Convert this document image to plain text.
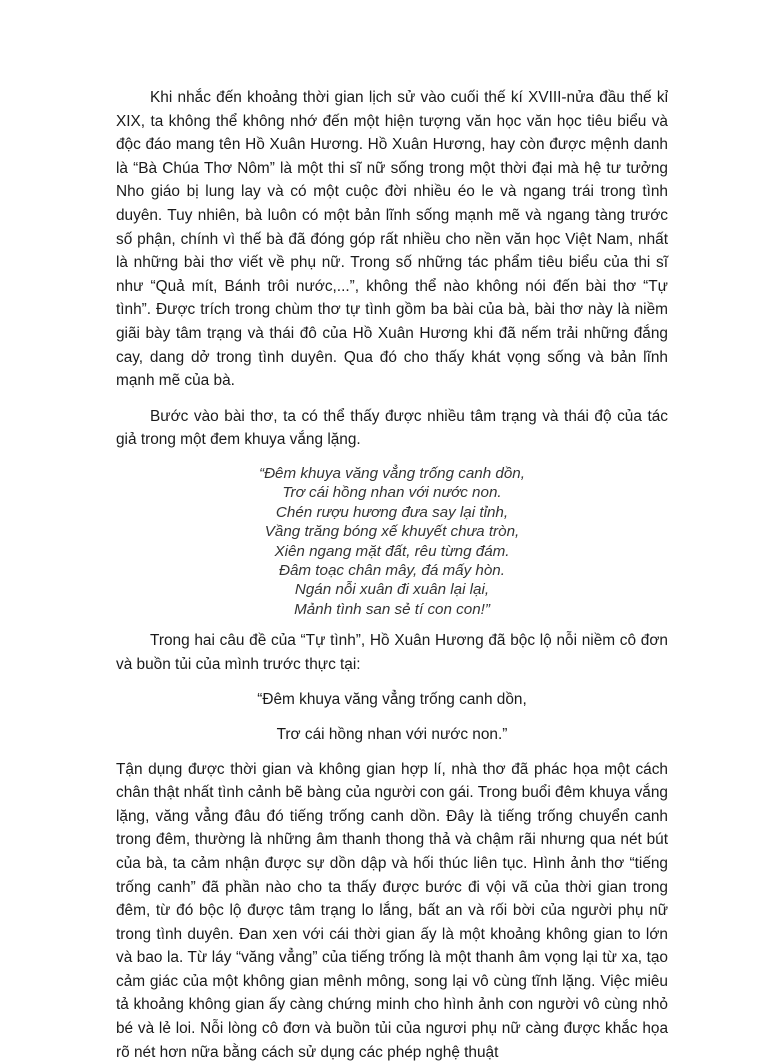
Khi nhắc đến khoảng thời gian lịch sử vào cuối thế kí XVIII-nửa đầu thế kỉ XIX, ta không thể không nhớ đến một hiện tượng văn học văn học tiêu biểu và độc đáo mang tên Hồ Xuân Hương. Hồ Xuân Hương, hay còn được mệnh danh là “Bà Chúa Thơ Nôm” là một thi sĩ nữ sống trong một thời đại mà hệ tư tưởng Nho giáo bị lung lay và có một cuộc đời nhiều éo le và ngang trái trong tình duyên. Tuy nhiên, bà luôn có một bản lĩnh sống mạnh mẽ và ngang tàng trước số phận, chính vì thế bà đã đóng góp rất nhiều cho nền văn học Việt Nam, nhất là những bài thơ viết về phụ nữ. Trong số những tác phẩm tiêu biểu của thi sĩ như “Quả mít, Bánh trôi nước,...”, không thể nào không nói đến bài thơ “Tự tình”. Được trích trong chùm thơ tự tình gồm ba bài của bà, bài thơ này là niềm giãi bày tâm trạng và thái đô của Hồ Xuân Hương khi đã nếm trải những đắng cay, dang dở trong tình duyên. Qua đó cho thấy khát vọng sống và bản lĩnh mạnh mẽ của bà.

Bước vào bài thơ, ta có thể thấy được nhiều tâm trạng và thái độ của tác giả trong một đem khuya vắng lặng.

“Đêm khuya văng vẳng trống canh dồn,
Trơ cái hồng nhan với nước non.
Chén rượu hương đưa say lại tỉnh,
Vầng trăng bóng xế khuyết chưa tròn,
Xiên ngang mặt đất, rêu từng đám.
Đâm toạc chân mây, đá mấy hòn.
Ngán nỗi xuân đi xuân lại lại,
Mảnh tình san sẻ tí con con!”

Trong hai câu đề của “Tự tình”, Hồ Xuân Hương đã bộc lộ nỗi niềm cô đơn và buồn tủi của mình trước thực tại:

“Đêm khuya văng vẳng trống canh dồn,

Trơ cái hồng nhan với nước non.”

Tận dụng được thời gian và không gian hợp lí, nhà thơ đã phác họa một cách chân thật nhất tình cảnh bẽ bàng của người con gái. Trong buổi đêm khuya vắng lặng, văng vẳng đâu đó tiếng trống canh dồn. Đây là tiếng trống chuyển canh trong đêm, thường là những âm thanh thong thả và chậm rãi nhưng qua nét bút của bà, ta cảm nhận được sự dồn dập và hối thúc liên tục. Hình ảnh thơ “tiếng trống canh” đã phần nào cho ta thấy được bước đi vội vã của thời gian trong đêm, từ đó bộc lộ được tâm trạng lo lắng, bất an và rối bời của người phụ nữ trong tình duyên. Đan xen với cái thời gian ấy là một khoảng không gian to lớn và bao la. Từ láy “văng vẳng” của tiếng trống là một thanh âm vọng lại từ xa, tạo cảm giác của một không gian mênh mông, song lại vô cùng tĩnh lặng. Việc miêu tả khoảng không gian ấy càng chứng minh cho hình ảnh con người vô cùng nhỏ bé và lẻ loi. Nỗi lòng cô đơn và buồn tủi của ngươi phụ nữ càng được khắc họa rõ nét hơn nữa bằng cách sử dụng các phép nghệ thuật
